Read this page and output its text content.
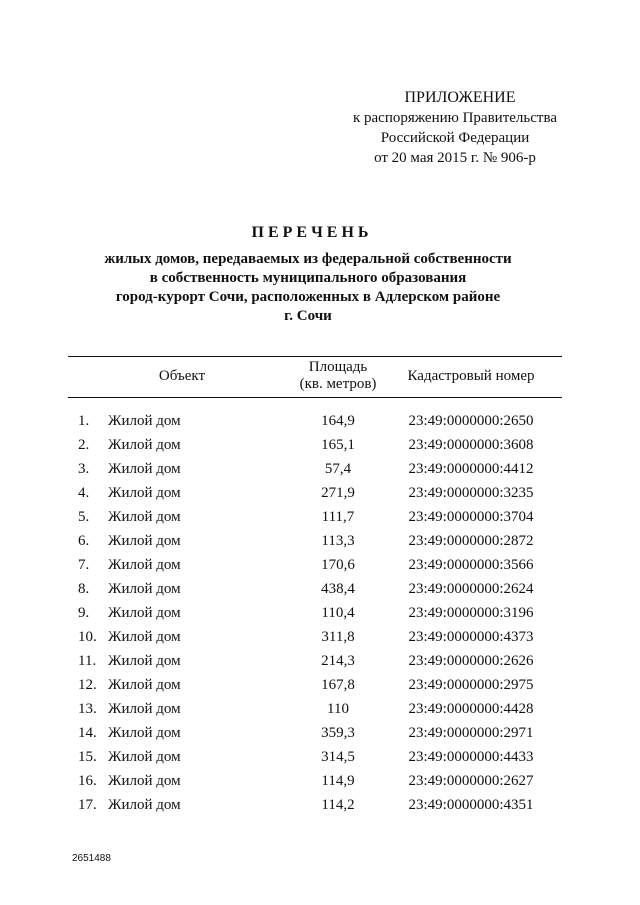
ПРИЛОЖЕНИЕ
к распоряжению Правительства
Российской Федерации
от 20 мая 2015 г. № 906-р
ПЕРЕЧЕНЬ
жилых домов, передаваемых из федеральной собственности
в собственность муниципального образования
город-курорт Сочи, расположенных в Адлерском районе
г. Сочи
Объект
Площадь
(кв. метров)	Кадастровый номер
1.	Жилой дом	164,9	23:49:0000000:2650
2.	Жилой дом	165,1	23:49:0000000:3608
3.	Жилой дом	57,4	23:49:0000000:4412
4.	Жилой дом	271,9	23:49:0000000:3235
5.	Жилой дом	111,7	23:49:0000000:3704
6.	Жилой дом	113,3	23:49:0000000:2872
7.	Жилой дом	170,6	23:49:0000000:3566
8.	Жилой дом	438,4	23:49:0000000:2624
9.	Жилой дом	110,4	23:49:0000000:3196
10. Жилой дом	311,8	23:49:0000000:4373
11. Жилой дом	214,3	23:49:0000000:2626
12. Жилой дом	167,8	23:49:0000000:2975
13. Жилой дом	110	23:49:0000000:4428
14. Жилой дом	359,3	23:49:0000000:2971
15. Жилой дом	314,5	23:49:0000000:4433
16. Жилой дом	114,9	23:49:0000000:2627
17. Жилой дом	114,2	23:49:0000000:4351
2651488
